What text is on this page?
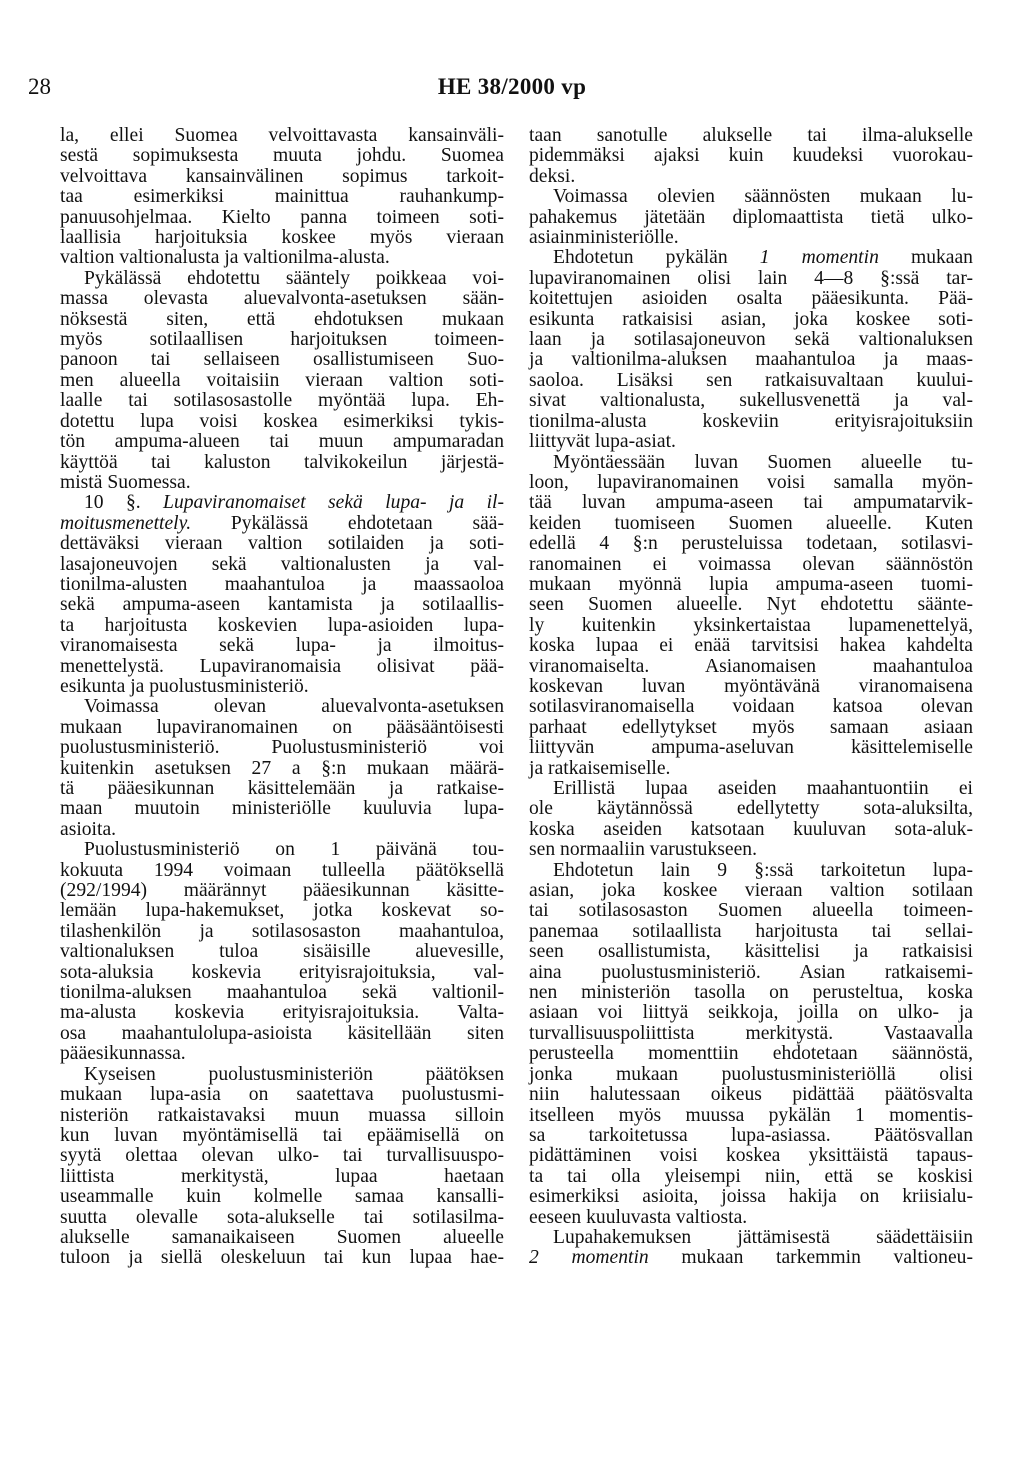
28	HE 38/2000 vp
la, ellei Suomea velvoittavasta kansainväli-
sestä sopimuksesta muuta johdu. Suomea
velvoittava kansainvälinen sopimus tarkoit-
taa esimerkiksi mainittua rauhankump-
panuusohjelmaa. Kielto panna toimeen soti-
laallisia harjoituksia koskee myös vieraan
valtion valtionalusta ja valtionilma-alusta.
Pykälässä ehdotettu sääntely poikkeaa voi-
massa olevasta aluevalvonta-asetuksen sään-
nöksestä siten, että ehdotuksen mukaan
myös sotilaallisen harjoituksen toimeen-
panoon tai sellaiseen osallistumiseen Suo-
men alueella voitaisiin vieraan valtion soti-
laalle tai sotilasosastolle myöntää lupa. Eh-
dotettu lupa voisi koskea esimerkiksi tykis-
tön ampuma-alueen tai muun ampumaradan
käyttöä tai kaluston talvikokeilun järjestä-
mistä Suomessa.
10 §. Lupaviranomaiset sekä lupa- ja il-
moitusmenettely. Pykälässä ehdotetaan sää-
dettäväksi vieraan valtion sotilaiden ja soti-
lasajoneuvojen sekä valtionalusten ja val-
tionilma-alusten maahantuloa ja maassaoloa
sekä ampuma-aseen kantamista ja sotilaallis-
ta harjoitusta koskevien lupa-asioiden lupa-
viranomaisesta sekä lupa- ja ilmoitus-
menettelystä. Lupaviranomaisia olisivat pää-
esikunta ja puolustusministeriö.
Voimassa olevan aluevalvonta-asetuksen
mukaan lupaviranomainen on pääsääntöisesti
puolustusministeriö. Puolustusministeriö voi
kuitenkin asetuksen 27 a §:n mukaan määrä-
tä pääesikunnan käsittelemään ja ratkaise-
maan muutoin ministeriölle kuuluvia lupa-
asioita.
Puolustusministeriö on 1 päivänä tou-
kokuuta 1994 voimaan tulleella päätöksellä
(292/1994) määrännyt pääesikunnan käsitte-
lemään lupa-hakemukset, jotka koskevat so-
tilashenkilön ja sotilasosaston maahantuloa,
valtionaluksen tuloa sisäisille aluevesille,
sota-aluksia koskevia erityisrajoituksia, val-
tionilma-aluksen maahantuloa sekä valtionil-
ma-alusta koskevia erityisrajoituksia. Valta-
osa maahantulolupa-asioista käsitellään siten
pääesikunnassa.
Kyseisen puolustusministeriön päätöksen
mukaan lupa-asia on saatettava puolustusmi-
nisteriön ratkaistavaksi muun muassa silloin
kun luvan myöntämisellä tai epäämisellä on
syytä olettaa olevan ulko- tai turvallisuuspo-
liittista merkitystä, lupaa haetaan
useammalle kuin kolmelle samaa kansalli-
suutta olevalle sota-alukselle tai sotilasilma-
alukselle samanaikaiseen Suomen alueelle
tuloon ja siellä oleskeluun tai kun lupaa hae-
taan sanotulle alukselle tai ilma-alukselle
pidemmäksi ajaksi kuin kuudeksi vuorokau-
deksi.
Voimassa olevien säännösten mukaan lu-
pahakemus jätetään diplomaattista tietä ulko-
asiainministeriölle.
Ehdotetun pykälän 1 momentin mukaan
lupaviranomainen olisi lain 4—8 §:ssä tar-
koitettujen asioiden osalta pääesikunta. Pää-
esikunta ratkaisisi asian, joka koskee soti-
laan ja sotilasajoneuvon sekä valtionaluksen
ja valtionilma-aluksen maahantuloa ja maas-
saoloa. Lisäksi sen ratkaisuvaltaan kuului-
sivat valtionalusta, sukellusvenettä ja val-
tionilma-alusta koskeviin erityisrajoituksiin
liittyvät lupa-asiat.
Myöntäessään luvan Suomen alueelle tu-
loon, lupaviranomainen voisi samalla myön-
tää luvan ampuma-aseen tai ampumatarvik-
keiden tuomiseen Suomen alueelle. Kuten
edellä 4 §:n perusteluissa todetaan, sotilasvi-
ranomainen ei voimassa olevan säännöstön
mukaan myönnä lupia ampuma-aseen tuomi-
seen Suomen alueelle. Nyt ehdotettu sääntе-
ly kuitenkin yksinkertaistaa lupamenettelyä,
koska lupaa ei enää tarvitsisi hakea kahdelta
viranomaiselta. Asianomaisen maahantuloa
koskevan luvan myöntävänä viranomaisena
sotilasviranomaisella voidaan katsoa olevan
parhaat edellytykset myös samaan asiaan
liittyvän ampuma-aseluvan käsittelemiselle
ja ratkaisemiselle.
Erillistä lupaa aseiden maahantuontiin ei
ole käytännössä edellytetty sota-aluksilta,
koska aseiden katsotaan kuuluvan sota-aluk-
sen normaaliin varustukseen.
Ehdotetun lain 9 §:ssä tarkoitetun lupa-
asian, joka koskee vieraan valtion sotilaan
tai sotilasosaston Suomen alueella toimeen-
panemaa sotilaallista harjoitusta tai sellai-
seen osallistumista, käsittelisi ja ratkaisisi
aina puolustusministeriö. Asian ratkaisemi-
nen ministeriön tasolla on perusteltua, koska
asiaan voi liittyä seikkoja, joilla on ulko- ja
turvallisuuspoliittista merkitystä. Vastaavalla
perusteella momenttiin ehdotetaan säännöstä,
jonka mukaan puolustusministeriöllä olisi
niin halutessaan oikeus pidättää päätösvalta
itselleen myös muussa pykälän 1 momentis-
sa tarkoitetussa lupa-asiassa. Päätösvallan
pidättäminen voisi koskea yksittäistä tapaus-
ta tai olla yleisempi niin, että se koskisi
esimerkiksi asioita, joissa hakija on kriisialu-
eeseen kuuluvasta valtiosta.
Lupahakemuksen jättämisestä säädettäisiin
2 momentin mukaan tarkemmin valtioneu-
